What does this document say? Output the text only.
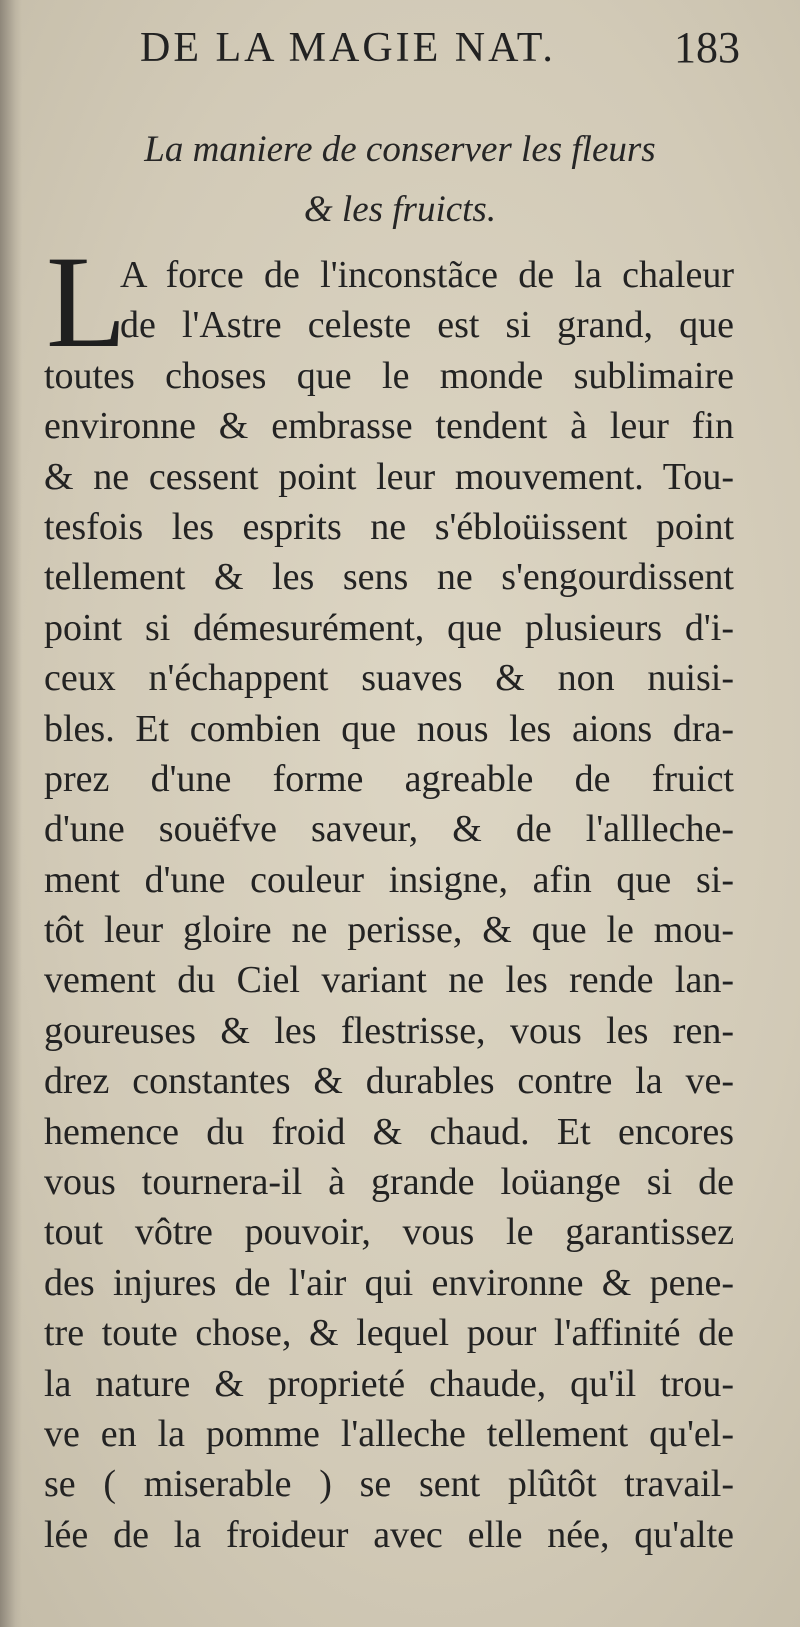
DE LA MAGIE NAT.	183
La maniere de conserver les fleurs
& les fruicts.
L
A force de l'inconstãce de la chaleur
de l'Astre celeste est si grand, que
toutes choses que le monde sublimaire
environne & embrasse tendent à leur fin
& ne cessent point leur mouvement. Tou-
tesfois les esprits ne s'ébloüissent point
tellement & les sens ne s'engourdissent
point si démesurément, que plusieurs d'i-
ceux n'échappent suaves & non nuisi-
bles. Et combien que nous les aions dra-
prez d'une forme agreable de fruict
d'une souëfve saveur, & de l'allleche-
ment d'une couleur insigne, afin que si-
tôt leur gloire ne perisse, & que le mou-
vement du Ciel variant ne les rende lan-
goureuses & les flestrisse, vous les ren-
drez constantes & durables contre la ve-
hemence du froid & chaud. Et encores
vous tournera-il à grande loüange si de
tout vôtre pouvoir, vous le garantissez
des injures de l'air qui environne & pene-
tre toute chose, & lequel pour l'affinité de
la nature & proprieté chaude, qu'il trou-
ve en la pomme l'alleche tellement qu'el-
se ( miserable ) se sent plûtôt travail-
lée de la froideur avec elle née, qu'alte
